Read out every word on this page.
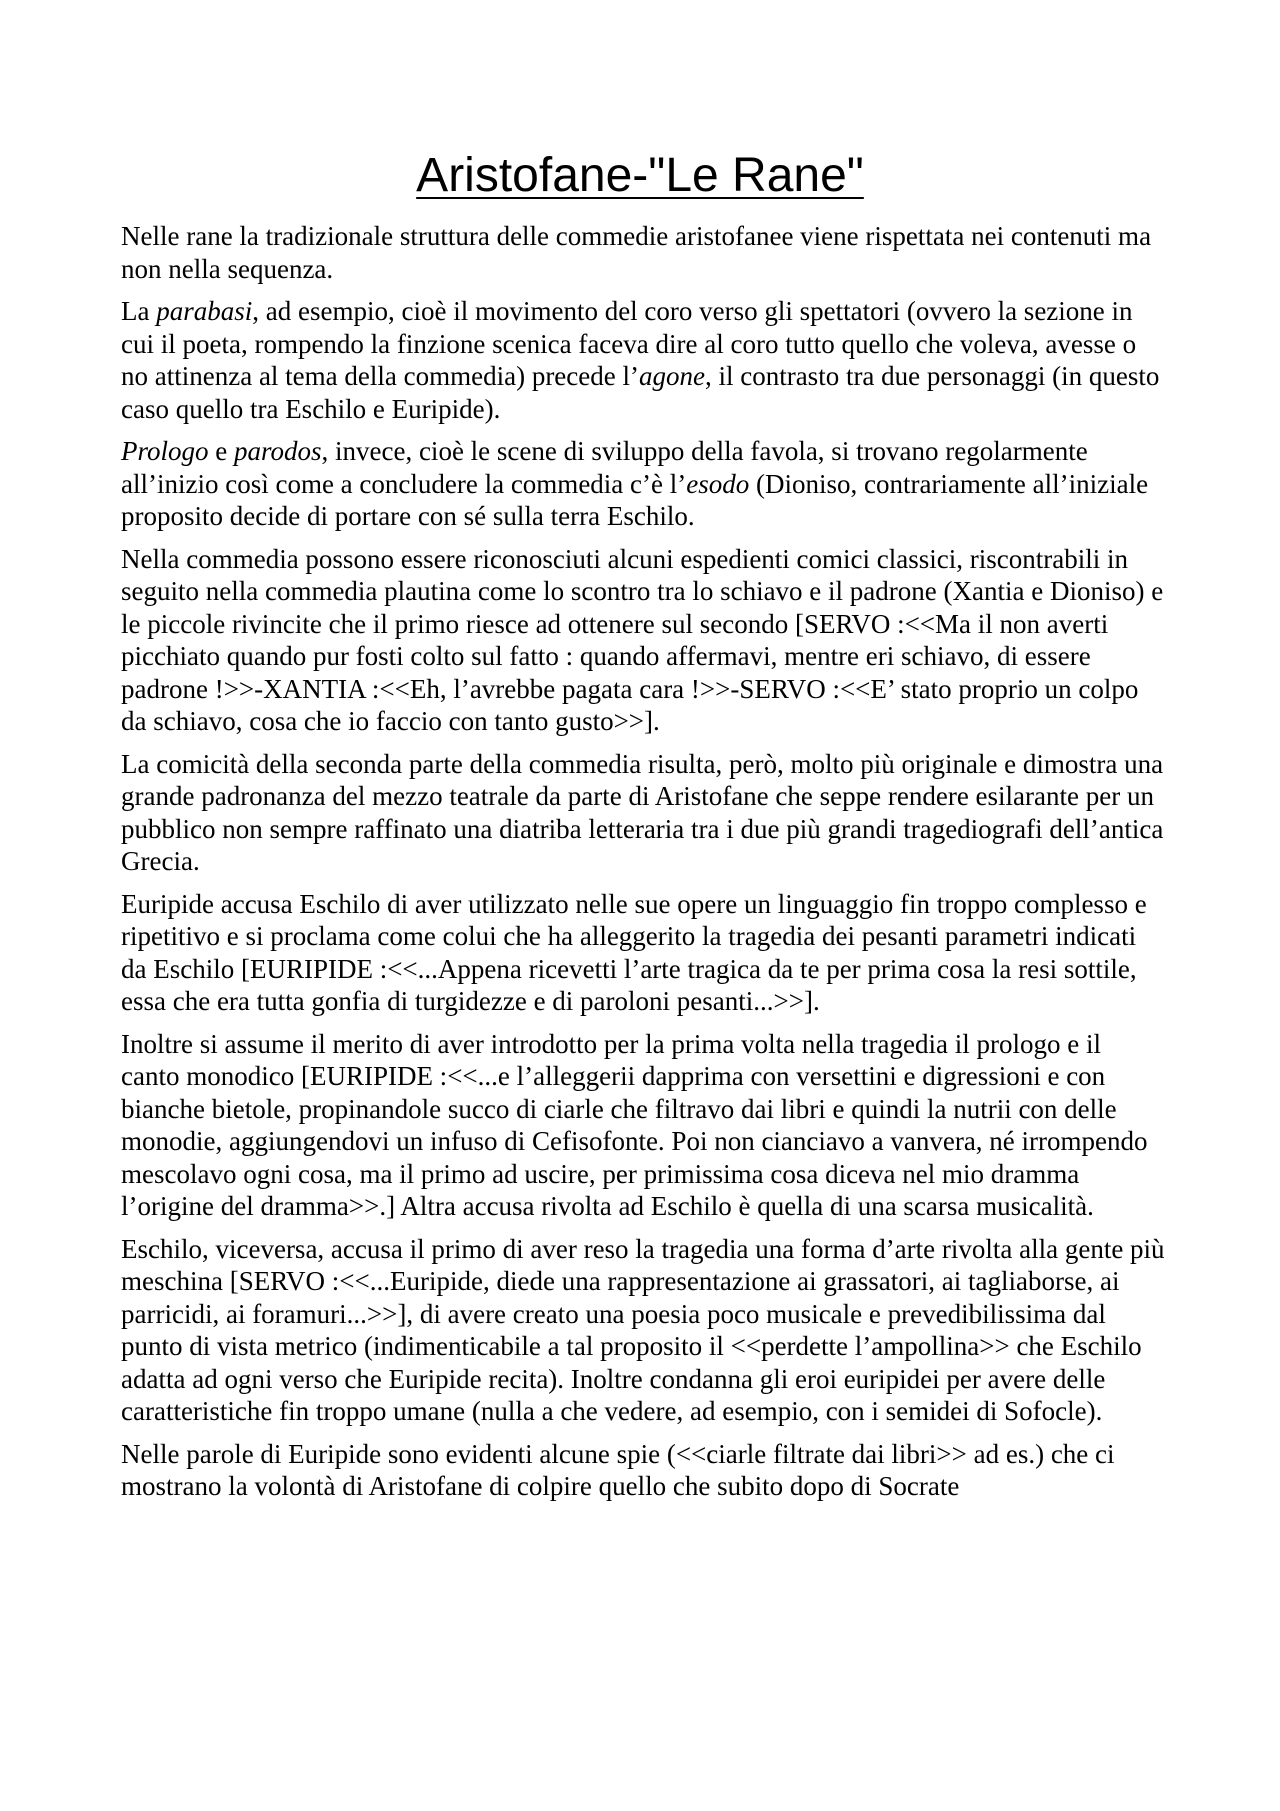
Aristofane-"Le Rane"

Nelle rane la tradizionale struttura delle commedie aristofanee viene rispettata nei contenuti ma non nella sequenza.

La parabasi, ad esempio, cioè il movimento del coro verso gli spettatori (ovvero la sezione in cui il poeta, rompendo la finzione scenica faceva dire al coro tutto quello che voleva, avesse o no attinenza al tema della commedia) precede l’agone, il contrasto tra due personaggi (in questo caso quello tra Eschilo e Euripide).

Prologo e parodos, invece, cioè le scene di sviluppo della favola, si trovano regolarmente all’inizio così come a concludere la commedia c’è l’esodo (Dioniso, contrariamente all’iniziale proposito decide di portare con sé sulla terra Eschilo.

Nella commedia possono essere riconosciuti alcuni espedienti comici classici, riscontrabili in seguito nella commedia plautina come lo scontro tra lo schiavo e il padrone (Xantia e Dioniso) e le piccole rivincite che il primo riesce ad ottenere sul secondo [SERVO :<<Ma il non averti picchiato quando pur fosti colto sul fatto : quando affermavi, mentre eri schiavo, di essere padrone !>>-XANTIA :<<Eh, l’avrebbe pagata cara !>>-SERVO :<<E’ stato proprio un colpo da schiavo, cosa che io faccio con tanto gusto>>].

La comicità della seconda parte della commedia risulta, però, molto più originale e dimostra una grande padronanza del mezzo teatrale da parte di Aristofane che seppe rendere esilarante per un pubblico non sempre raffinato una diatriba letteraria tra i due più grandi tragediografi dell’antica Grecia.

Euripide accusa Eschilo di aver utilizzato nelle sue opere un linguaggio fin troppo complesso e ripetitivo e si proclama come colui che ha alleggerito la tragedia dei pesanti parametri indicati da Eschilo [EURIPIDE :<<...Appena ricevetti l’arte tragica da te per prima cosa la resi sottile, essa che era tutta gonfia di turgidezze e di paroloni pesanti...>>].

Inoltre si assume il merito di aver introdotto per la prima volta nella tragedia il prologo e il canto monodico [EURIPIDE :<<...e l’alleggerii dapprima con versettini e digressioni e con bianche bietole, propinandole succo di ciarle che filtravo dai libri e quindi la nutrii con delle monodie, aggiungendovi un infuso di Cefisofonte. Poi non cianciavo a vanvera, né irrompendo mescolavo ogni cosa, ma il primo ad uscire, per primissima cosa diceva nel mio dramma l’origine del dramma>>.] Altra accusa rivolta ad Eschilo è quella di una scarsa musicalità.

Eschilo, viceversa, accusa il primo di aver reso la tragedia una forma d’arte rivolta alla gente più meschina [SERVO :<<...Euripide, diede una rappresentazione ai grassatori, ai tagliaborse, ai parricidi, ai foramuri...>>], di avere creato una poesia poco musicale e prevedibilissima dal punto di vista metrico (indimenticabile a tal proposito il <<perdette l’ampollina>> che Eschilo adatta ad ogni verso che Euripide recita). Inoltre condanna gli eroi euripidei per avere delle caratteristiche fin troppo umane (nulla a che vedere, ad esempio, con i semidei di Sofocle).

Nelle parole di Euripide sono evidenti alcune spie (<<ciarle filtrate dai libri>> ad es.) che ci mostrano la volontà di Aristofane di colpire quello che subito dopo di Socrate
